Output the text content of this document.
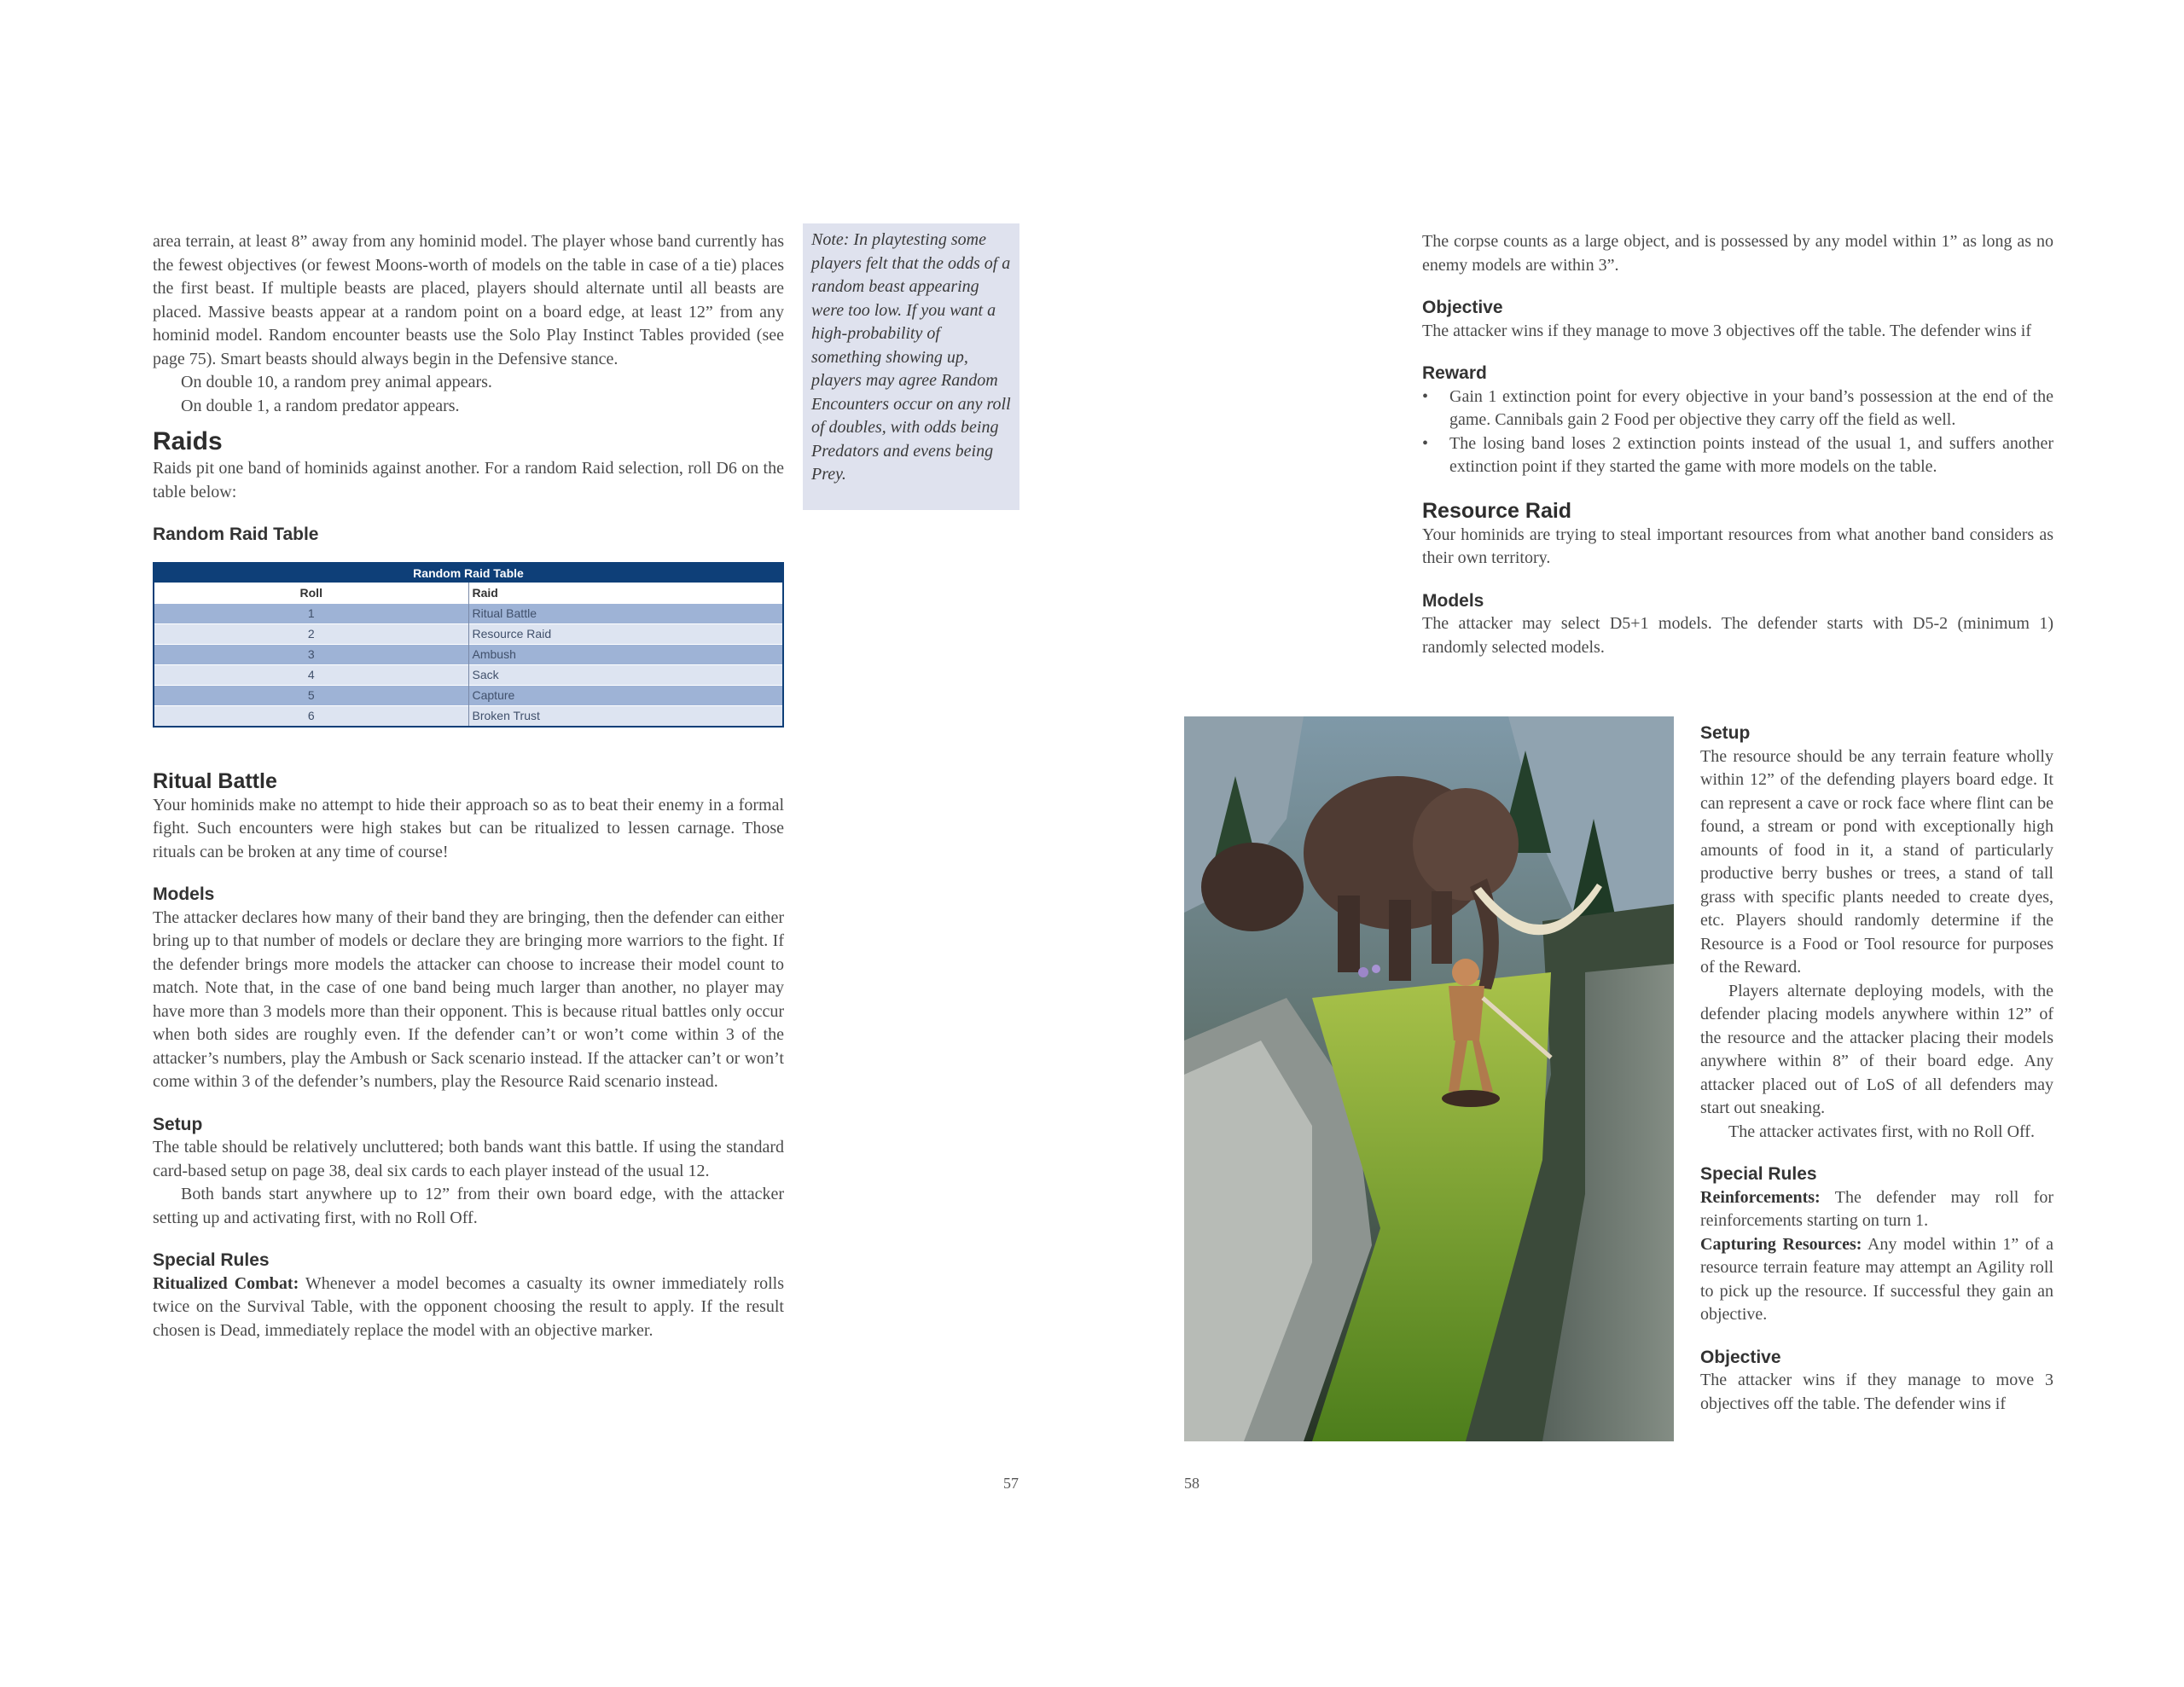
area terrain, at least 8” away from any hominid model. The player whose band currently has the fewest objectives (or fewest Moons-worth of models on the table in case of a tie) places the first beast. If multiple beasts are placed, players should alternate until all beasts are placed. Massive beasts appear at a random point on a board edge, at least 12” from any hominid model. Random encounter beasts use the Solo Play Instinct Tables provided (see page 75). Smart beasts should always begin in the Defensive stance.

On double 10, a random prey animal appears.

On double 1, a random predator appears.

Raids

Raids pit one band of hominids against another. For a random Raid selection, roll D6 on the table below:

Random Raid Table
Random Raid Table	
Roll	Raid
1	Ritual Battle
2	Resource Raid
3	Ambush
4	Sack
5	Capture
6	Broken Trust
Ritual Battle

Your hominids make no attempt to hide their approach so as to beat their enemy in a formal fight. Such encounters were high stakes but can be ritualized to lessen carnage. Those rituals can be broken at any time of course!

Models

The attacker declares how many of their band they are bringing, then the defender can either bring up to that number of models or declare they are bringing more warriors to the fight. If the defender brings more models the attacker can choose to increase their model count to match. Note that, in the case of one band being much larger than another, no player may have more than 3 models more than their opponent. This is because ritual battles only occur when both sides are roughly even. If the defender can’t or won’t come within 3 of the attacker’s numbers, play the Ambush or Sack scenario instead. If the attacker can’t or won’t come within 3 of the defender’s numbers, play the Resource Raid scenario instead.

Setup

The table should be relatively uncluttered; both bands want this battle. If using the standard card-based setup on page 38, deal six cards to each player instead of the usual 12.

Both bands start anywhere up to 12” from their own board edge, with the attacker setting up and activating first, with no Roll Off.

Special Rules

Ritualized Combat: Whenever a model becomes a casualty its owner immediately rolls twice on the Survival Table, with the opponent choosing the result to apply. If the result chosen is Dead, immediately replace the model with an objective marker.

Note: In playtesting some players felt that the odds of a random beast appearing were too low. If you want a high-probability of something showing up, players may agree Random Encounters occur on any roll of doubles, with odds being Predators and evens being Prey.

57	58

The corpse counts as a large object, and is possessed by any model within 1” as long as no enemy models are within 3”.

Objective

The attacker wins if they manage to move 3 objectives off the table. The defender wins if

Reward
• Gain 1 extinction point for every objective in your band’s possession at the end of the game. Cannibals gain 2 Food per objective they carry off the field as well.
• The losing band loses 2 extinction points instead of the usual 1, and suffers another extinction point if they started the game with more models on the table.
Resource Raid

Your hominids are trying to steal important resources from what another band considers as their own territory.

Models

The attacker may select D5+1 models. The defender starts with D5-2 (minimum 1) randomly selected models.

Setup

The resource should be any terrain feature wholly within 12” of the defending players board edge. It can represent a cave or rock face where flint can be found, a stream or pond with exceptionally high amounts of food in it, a stand of particularly productive berry bushes or trees, a stand of tall grass with specific plants needed to create dyes, etc. Players should randomly determine if the Resource is a Food or Tool resource for purposes of the Reward.

Players alternate deploying models, with the defender placing models anywhere within 12” of the resource and the attacker placing their models anywhere within 8” of their board edge. Any attacker placed out of LoS of all defenders may start out sneaking.

The attacker activates first, with no Roll Off.

Special Rules

Reinforcements: The defender may roll for reinforcements starting on turn 1.

Capturing Resources: Any model within 1” of a resource terrain feature may attempt an Agility roll to pick up the resource. If successful they gain an objective.

Objective

The attacker wins if they manage to move 3 objectives off the table. The defender wins if
